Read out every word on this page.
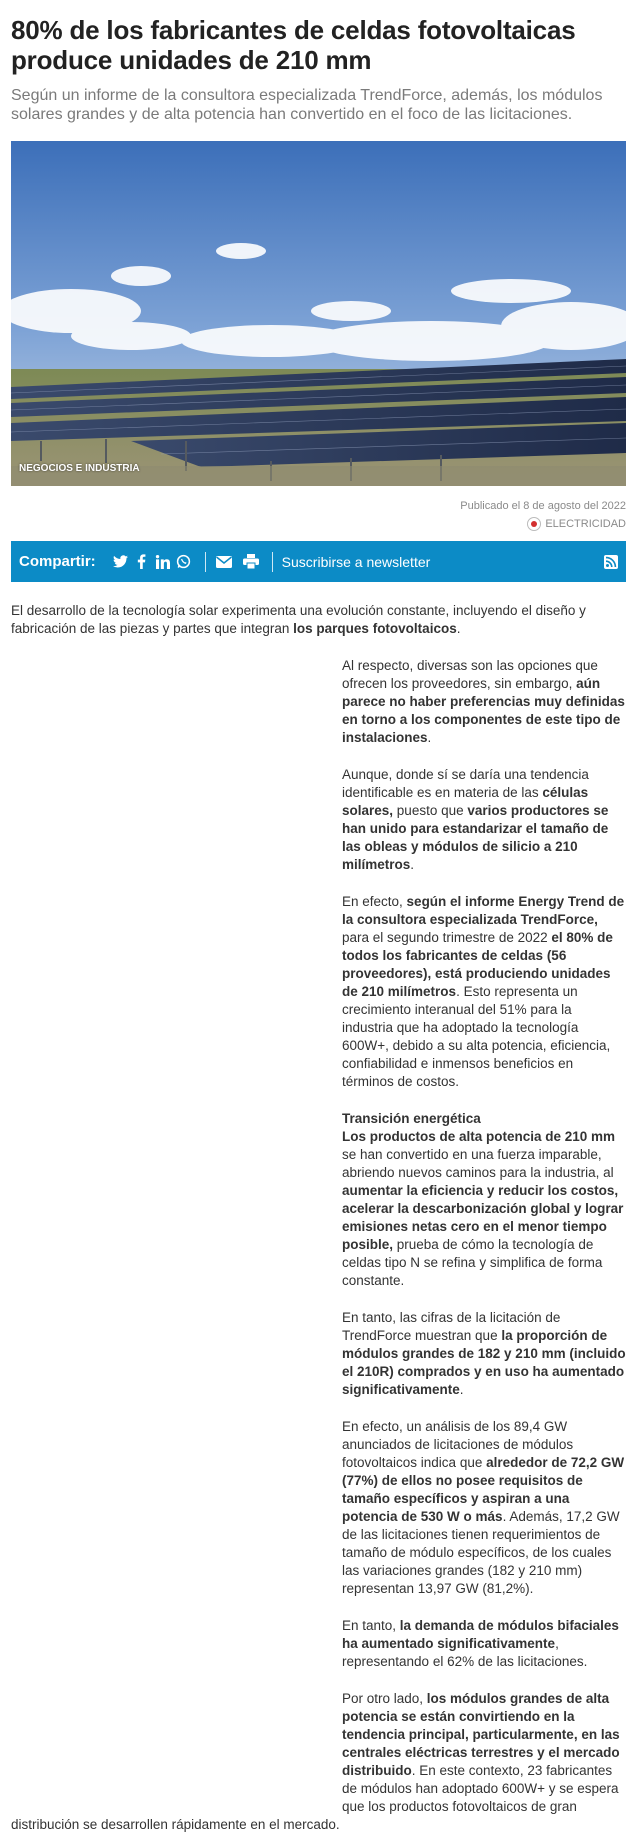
80% de los fabricantes de celdas fotovoltaicas produce unidades de 210 mm

Según un informe de la consultora especializada TrendForce, además, los módulos solares grandes y de alta potencia han convertido en el foco de las licitaciones.

NEGOCIOS E INDUSTRIA
Publicado el 8 de agosto del 2022
ELECTRICIDAD
Compartir:	Suscribirse a newsletter

El desarrollo de la tecnología solar experimenta una evolución constante, incluyendo el diseño y fabricación de las piezas y partes que integran los parques fotovoltaicos.

Al respecto, diversas son las opciones que ofrecen los proveedores, sin embargo, aún parece no haber preferencias muy definidas en torno a los componentes de este tipo de instalaciones.

Aunque, donde sí se daría una tendencia identificable es en materia de las células solares, puesto que varios productores se han unido para estandarizar el tamaño de las obleas y módulos de silicio a 210 milímetros.

En efecto, según el informe Energy Trend de la consultora especializada TrendForce, para el segundo trimestre de 2022 el 80% de todos los fabricantes de celdas (56 proveedores), está produciendo unidades de 210 milímetros. Esto representa un crecimiento interanual del 51% para la industria que ha adoptado la tecnología 600W+, debido a su alta potencia, eficiencia, confiabilidad e inmensos beneficios en términos de costos.

Transición energética
Los productos de alta potencia de 210 mm se han convertido en una fuerza imparable, abriendo nuevos caminos para la industria, al aumentar la eficiencia y reducir los costos, acelerar la descarbonización global y lograr emisiones netas cero en el menor tiempo posible, prueba de cómo la tecnología de celdas tipo N se refina y simplifica de forma constante.

En tanto, las cifras de la licitación de TrendForce muestran que la proporción de módulos grandes de 182 y 210 mm (incluido el 210R) comprados y en uso ha aumentado significativamente.

En efecto, un análisis de los 89,4 GW anunciados de licitaciones de módulos fotovoltaicos indica que alrededor de 72,2 GW (77%) de ellos no posee requisitos de tamaño específicos y aspiran a una potencia de 530 W o más. Además, 17,2 GW de las licitaciones tienen requerimientos de tamaño de módulo específicos, de los cuales las variaciones grandes (182 y 210 mm) representan 13,97 GW (81,2%).

En tanto, la demanda de módulos bifaciales ha aumentado significativamente, representando el 62% de las licitaciones.

Por otro lado, los módulos grandes de alta potencia se están convirtiendo en la tendencia principal, particularmente, en las centrales eléctricas terrestres y el mercado distribuido. En este contexto, 23 fabricantes de módulos han adoptado 600W+ y se espera que los productos fotovoltaicos de gran distribución se desarrollen rápidamente en el mercado.
